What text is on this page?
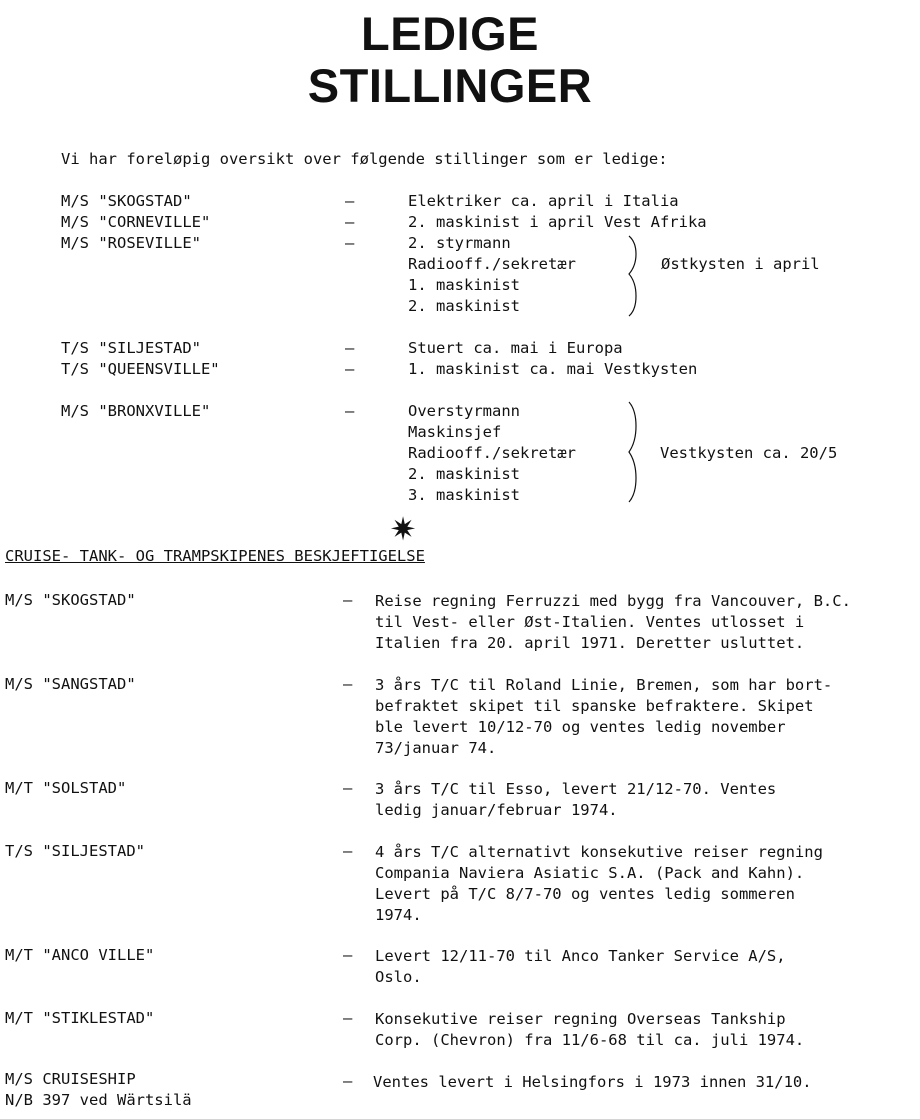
LEDIGE
STILLINGER
Vi har foreløpig oversikt over følgende stillinger som er ledige:
M/S "SKOGSTAD"	–	Elektriker ca. april i Italia
M/S "CORNEVILLE"	–	2. maskinist i april Vest Afrika
M/S "ROSEVILLE"	–	2. styrmann
Radiooff./sekretær
1. maskinist
2. maskinist
Østkysten i april
T/S "SILJESTAD"	–	Stuert ca. mai i Europa
T/S "QUEENSVILLE"	–	1. maskinist ca. mai Vestkysten
M/S "BRONXVILLE"	–	Overstyrmann
Maskinsjef
Radiooff./sekretær
2. maskinist
3. maskinist
Vestkysten ca. 20/5
✷
CRUISE- TANK- OG TRAMPSKIPENES BESKJEFTIGELSE
M/S "SKOGSTAD"	– Reise regning Ferruzzi med bygg fra Vancouver, B.C.
til Vest- eller Øst-Italien. Ventes utlosset i
Italien fra 20. april 1971. Deretter usluttet.
M/S "SANGSTAD"	– 3 års T/C til Roland Linie, Bremen, som har bort-
befraktet skipet til spanske befraktere. Skipet
ble levert 10/12-70 og ventes ledig november
73/januar 74.
M/T "SOLSTAD"	– 3 års T/C til Esso, levert 21/12-70. Ventes
ledig januar/februar 1974.
T/S "SILJESTAD"	– 4 års T/C alternativt konsekutive reiser regning
Compania Naviera Asiatic S.A. (Pack and Kahn).
Levert på T/C 8/7-70 og ventes ledig sommeren
1974.
M/T "ANCO VILLE"	– Levert 12/11-70 til Anco Tanker Service A/S,
Oslo.
M/T "STIKLESTAD"	– Konsekutive reiser regning Overseas Tankship
Corp. (Chevron) fra 11/6-68 til ca. juli 1974.
M/S CRUISESHIP
N/B 397 ved Wärtsilä
– Ventes levert i Helsingfors i 1973 innen 31/10.
